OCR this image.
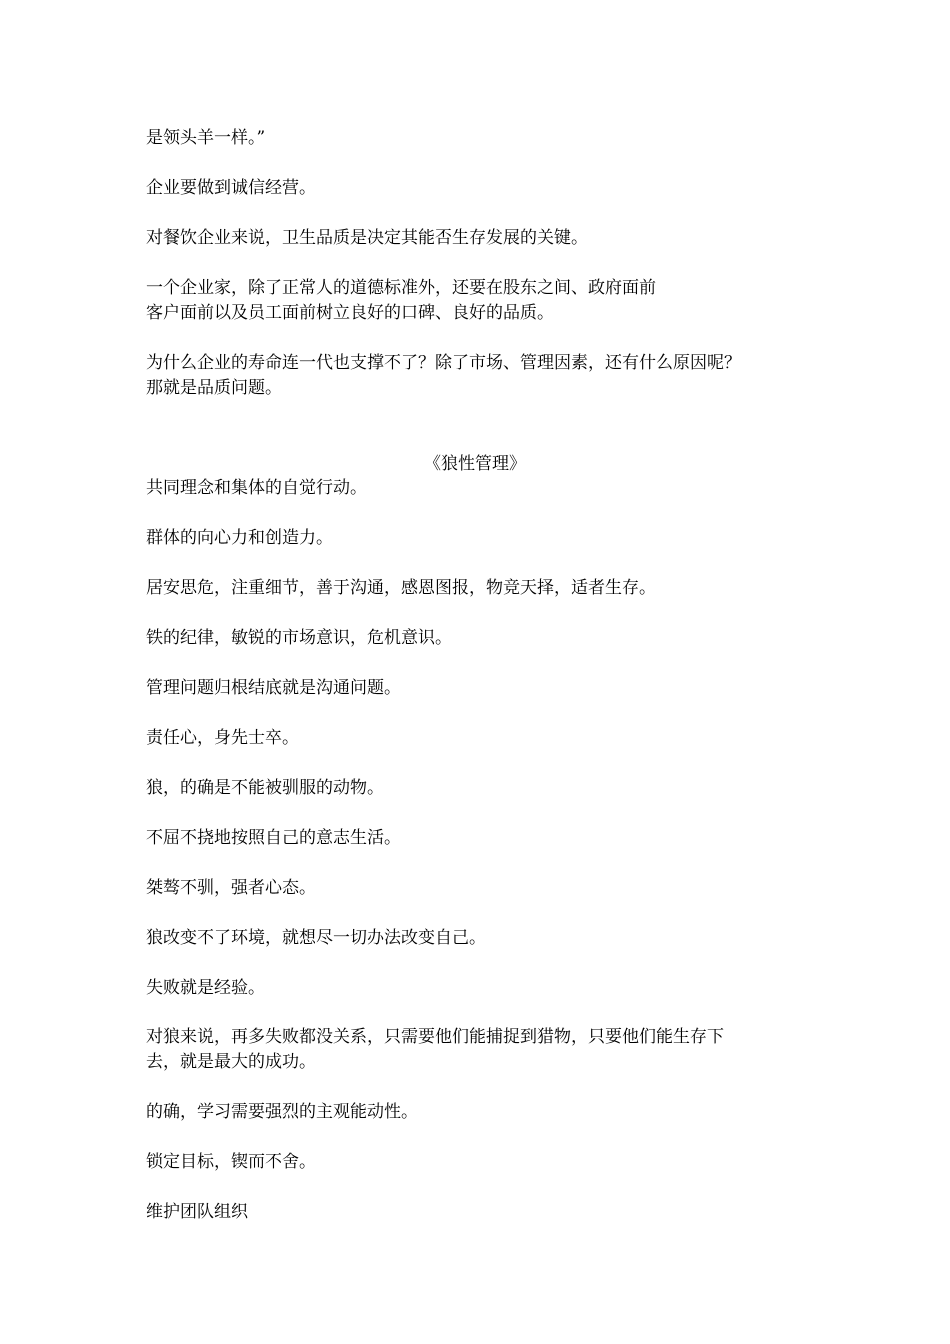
是领头羊一样。”
企业要做到诚信经营。
对餐饮企业来说，卫生品质是决定其能否生存发展的关键。
一个企业家，除了正常人的道德标准外，还要在股东之间、政府面前
客户面前以及员工面前树立良好的口碑、良好的品质。
为什么企业的寿命连一代也支撑不了？除了市场、管理因素，还有什么原因呢？
那就是品质问题。
《狼性管理》
共同理念和集体的自觉行动。
群体的向心力和创造力。
居安思危，注重细节，善于沟通，感恩图报，物竞天择，适者生存。
铁的纪律，敏锐的市场意识，危机意识。
管理问题归根结底就是沟通问题。
责任心，身先士卒。
狼，的确是不能被驯服的动物。
不屈不挠地按照自己的意志生活。
桀骜不驯，强者心态。
狼改变不了环境，就想尽一切办法改变自己。
失败就是经验。
对狼来说，再多失败都没关系，只需要他们能捕捉到猎物，只要他们能生存下
去，就是最大的成功。
的确，学习需要强烈的主观能动性。
锁定目标，锲而不舍。
维护团队组织
